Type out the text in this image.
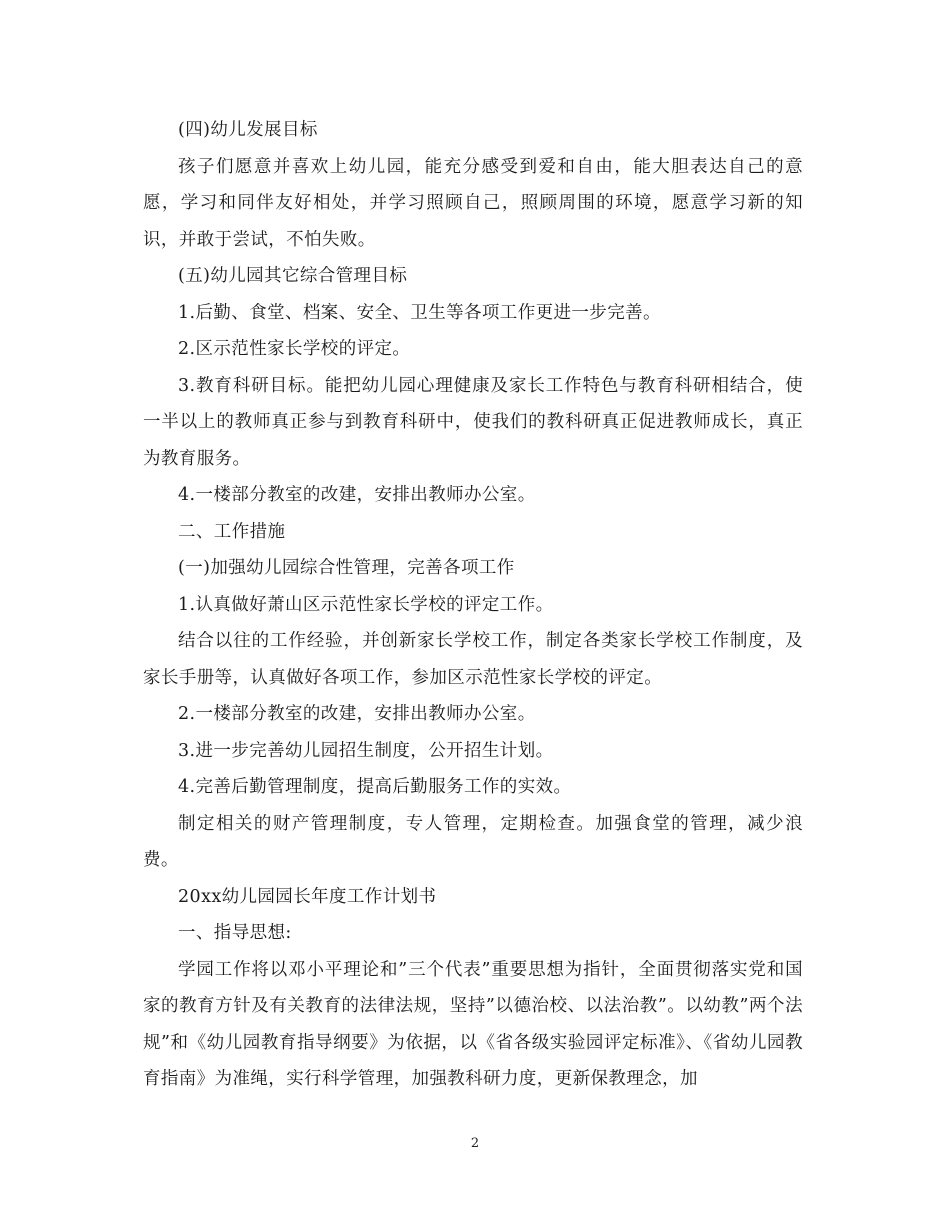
(四)幼儿发展目标

孩子们愿意并喜欢上幼儿园，能充分感受到爱和自由，能大胆表达自己的意愿，学习和同伴友好相处，并学习照顾自己，照顾周围的环境，愿意学习新的知识，并敢于尝试，不怕失败。

(五)幼儿园其它综合管理目标

1.后勤、食堂、档案、安全、卫生等各项工作更进一步完善。

2.区示范性家长学校的评定。

3.教育科研目标。能把幼儿园心理健康及家长工作特色与教育科研相结合，使一半以上的教师真正参与到教育科研中，使我们的教科研真正促进教师成长，真正为教育服务。

4.一楼部分教室的改建，安排出教师办公室。

二、工作措施

(一)加强幼儿园综合性管理，完善各项工作

1.认真做好萧山区示范性家长学校的评定工作。

结合以往的工作经验，并创新家长学校工作，制定各类家长学校工作制度，及家长手册等，认真做好各项工作，参加区示范性家长学校的评定。

2.一楼部分教室的改建，安排出教师办公室。

3.进一步完善幼儿园招生制度，公开招生计划。

4.完善后勤管理制度，提高后勤服务工作的实效。

制定相关的财产管理制度，专人管理，定期检查。加强食堂的管理，减少浪费。

20xx幼儿园园长年度工作计划书

一、指导思想:

学园工作将以邓小平理论和”三个代表”重要思想为指针，全面贯彻落实党和国家的教育方针及有关教育的法律法规，坚持”以德治校、以法治教”。以幼教”两个法规”和《幼儿园教育指导纲要》为依据，以《省各级实验园评定标准》、《省幼儿园教育指南》为准绳，实行科学管理，加强教科研力度，更新保教理念，加

2
